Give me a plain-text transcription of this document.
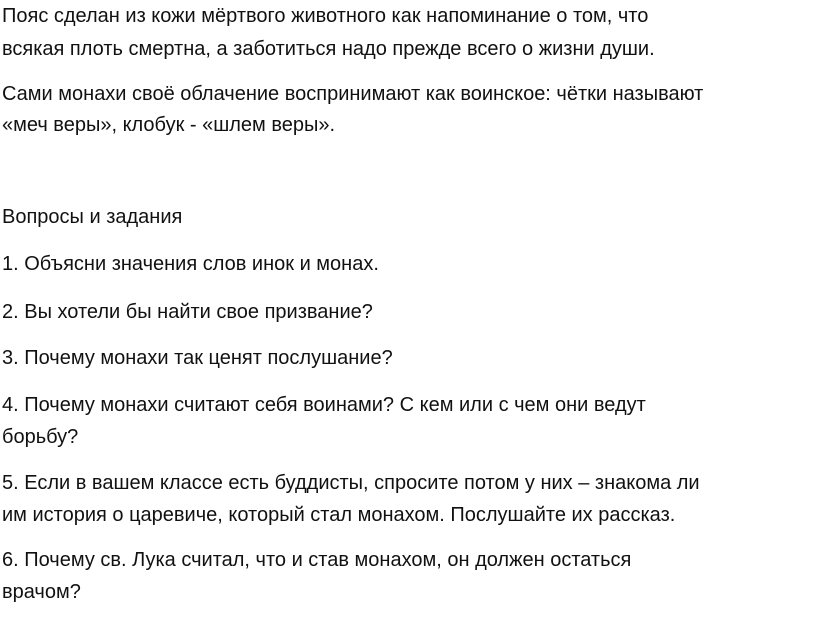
Пояс сделан из кожи мёртвого животного как напоминание о том, что
всякая плоть смертна, а заботиться надо прежде всего о жизни души.
Сами монахи своё облачение воспринимают как воинское: чётки называют
«меч веры», клобук - «шлем веры».
Вопросы и задания
1. Объясни значения слов инок и монах.
2. Вы хотели бы найти свое призвание?
3. Почему монахи так ценят послушание?
4. Почему монахи считают себя воинами? С кем или с чем они ведут
борьбу?
5. Если в вашем классе есть буддисты, спросите потом у них – знакома ли
им история о царевиче, который стал монахом. Послушайте их рассказ.
6. Почему св. Лука считал, что и став монахом, он должен остаться
врачом?
